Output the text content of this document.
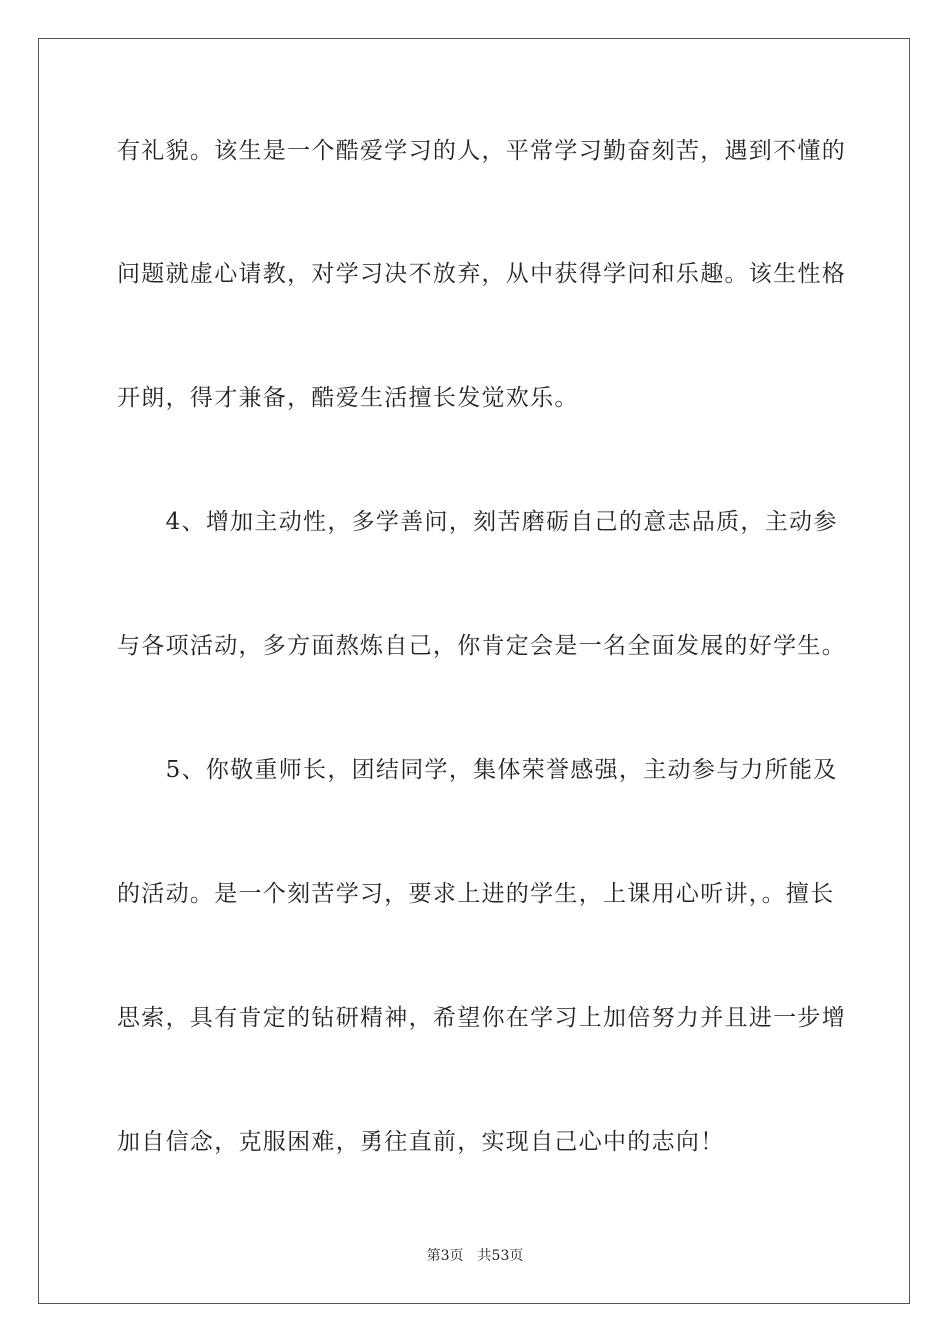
有礼貌。该生是一个酷爱学习的人，平常学习勤奋刻苦，遇到不懂的
问题就虚心请教，对学习决不放弃，从中获得学问和乐趣。该生性格
开朗，得才兼备，酷爱生活擅长发觉欢乐。
　　4、增加主动性，多学善问，刻苦磨砺自己的意志品质，主动参
与各项活动，多方面熬炼自己，你肯定会是一名全面发展的好学生。
　　5、你敬重师长，团结同学，集体荣誉感强，主动参与力所能及
的活动。是一个刻苦学习，要求上进的学生，上课用心听讲，。擅长
思索，具有肯定的钻研精神，希望你在学习上加倍努力并且进一步增
加自信念，克服困难，勇往直前，实现自己心中的志向！
第3页 共53页
